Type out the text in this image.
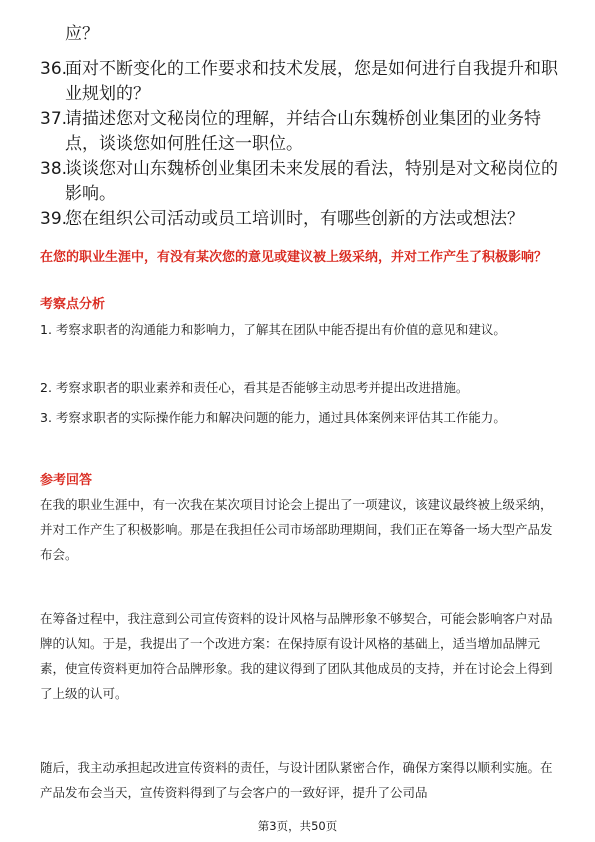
应？
36.
面对不断变化的工作要求和技术发展，您是如何进行自我提升和职业规划的？
37.
请描述您对文秘岗位的理解，并结合山东魏桥创业集团的业务特点，谈谈您如何胜任这一职位。
38.
谈谈您对山东魏桥创业集团未来发展的看法，特别是对文秘岗位的影响。
39.
您在组织公司活动或员工培训时，有哪些创新的方法或想法？
在您的职业生涯中，有没有某次您的意见或建议被上级采纳，并对工作产生了积极影响？
考察点分析
1. 考察求职者的沟通能力和影响力，了解其在团队中能否提出有价值的意见和建议。
2. 考察求职者的职业素养和责任心，看其是否能够主动思考并提出改进措施。
3. 考察求职者的实际操作能力和解决问题的能力，通过具体案例来评估其工作能力。
参考回答
在我的职业生涯中，有一次我在某次项目讨论会上提出了一项建议，该建议最终被上级采纳，并对工作产生了积极影响。那是在我担任公司市场部助理期间，我们正在筹备一场大型产品发布会。
在筹备过程中，我注意到公司宣传资料的设计风格与品牌形象不够契合，可能会影响客户对品牌的认知。于是，我提出了一个改进方案：在保持原有设计风格的基础上，适当增加品牌元素，使宣传资料更加符合品牌形象。我的建议得到了团队其他成员的支持，并在讨论会上得到了上级的认可。
随后，我主动承担起改进宣传资料的责任，与设计团队紧密合作，确保方案得以顺利实施。在产品发布会当天，宣传资料得到了与会客户的一致好评，提升了公司品
第3页，共50页
